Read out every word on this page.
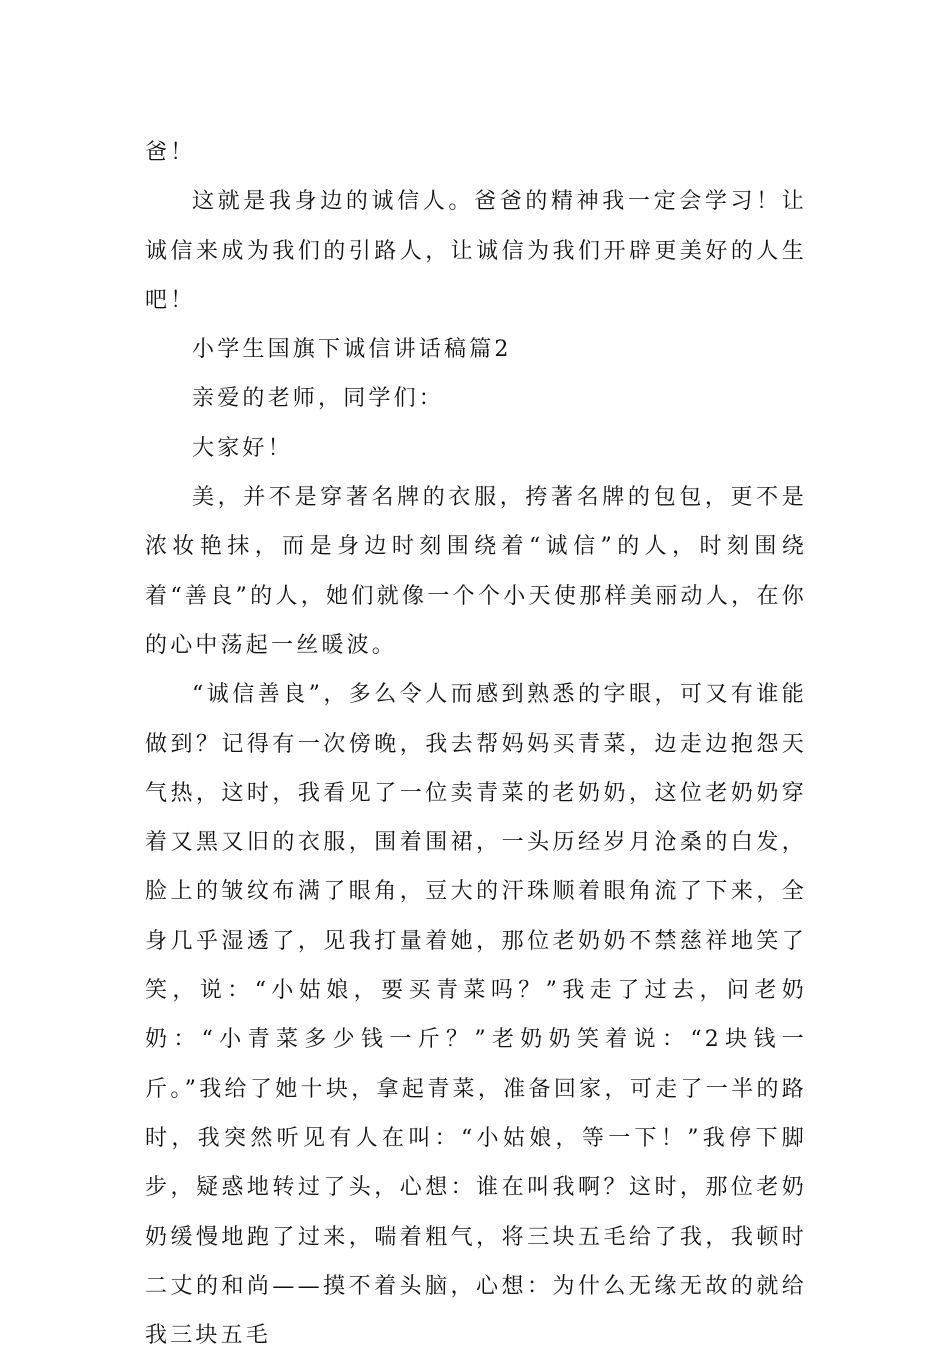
爸！

这就是我身边的诚信人。爸爸的精神我一定会学习！让诚信来成为我们的引路人，让诚信为我们开辟更美好的人生吧！

小学生国旗下诚信讲话稿篇2

亲爱的老师，同学们：

大家好！

美，并不是穿著名牌的衣服，挎著名牌的包包，更不是浓妆艳抹，而是身边时刻围绕着“诚信”的人，时刻围绕着“善良”的人，她们就像一个个小天使那样美丽动人，在你的心中荡起一丝暖波。

“诚信善良”，多么令人而感到熟悉的字眼，可又有谁能做到？记得有一次傍晚，我去帮妈妈买青菜，边走边抱怨天气热，这时，我看见了一位卖青菜的老奶奶，这位老奶奶穿着又黑又旧的衣服，围着围裙，一头历经岁月沧桑的白发，脸上的皱纹布满了眼角，豆大的汗珠顺着眼角流了下来，全身几乎湿透了，见我打量着她，那位老奶奶不禁慈祥地笑了笑，说：“小姑娘，要买青菜吗？”我走了过去，问老奶奶：“小青菜多少钱一斤？”老奶奶笑着说：“2块钱一斤。”我给了她十块，拿起青菜，准备回家，可走了一半的路时，我突然听见有人在叫：“小姑娘，等一下！”我停下脚步，疑惑地转过了头，心想：谁在叫我啊？这时，那位老奶奶缓慢地跑了过来，喘着粗气，将三块五毛给了我，我顿时二丈的和尚——摸不着头脑，心想：为什么无缘无故的就给我三块五毛
